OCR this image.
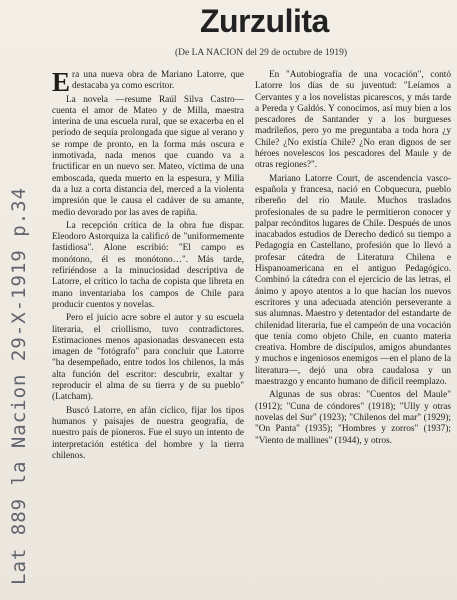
Zurzulita
(De LA NACION del 29 de octubre de 1919)
Lat 889 la Nacion 29-X-1919 p.34

Era una nueva obra de Mariano Latorre, que destacaba ya como escritor.

La novela —resume Raúl Silva Castro— cuenta el amor de Mateo y de Milla, maestra interina de una escuela rural, que se exacerba en el período de sequía prolongada que sigue al verano y se rompe de pronto, en la forma más oscura e inmotivada, nada menos que cuando va a fructificar en un nuevo ser. Mateo, víctima de una emboscada, queda muerto en la espesura, y Milla da a luz a corta distancia del, merced a la violenta impresión que le causa el cadáver de su amante, medio devorado por las aves de rapiña.

La recepción crítica de la obra fue dispar. Eleodoro Astorquiza la calificó de "uniformemente fastidiosa". Alone escribió: "El campo es monótono, él es monótono…". Más tarde, refiriéndose a la minuciosidad descriptiva de Latorre, el crítico lo tacha de copista que libreta en mano inventariaba los campos de Chile para producir cuentos y novelas.

Pero el juicio acre sobre el autor y su escuela literaria, el criollismo, tuvo contradictores. Estimaciones menos apasionadas desvanecen esta imagen de "fotógrafo" para concluir que Latorre "ha desempeñado, entre todos los chilenos, la más alta función del escritor: descubrir, exaltar y reproducir el alma de su tierra y de su pueblo" (Latcham).

Buscó Latorre, en afán cíclico, fijar los tipos humanos y paisajes de nuestra geografía, de nuestro país de pioneros. Fue el suyo un intento de interpretación estética del hombre y la tierra chilenos.

En "Autobiografía de una vocación", contó Latorre los días de su juventud: "Leíamos a Cervantes y a los novelistas picarescos, y más tarde a Pereda y Galdós. Y conocimos, así muy bien a los pescadores de Santander y a los burgueses madrileños, pero yo me preguntaba a toda hora ¿y Chile? ¿No existía Chile? ¿No eran dignos de ser héroes novelescos los pescadores del Maule y de otras regiones?".

Mariano Latorre Court, de ascendencia vasco-española y francesa, nació en Cobquecura, pueblo ribereño del río Maule. Muchos traslados profesionales de su padre le permitieron conocer y palpar recónditos lugares de Chile. Después de unos inacabados estudios de Derecho dedicó su tiempo a Pedagogía en Castellano, profesión que lo llevó a profesar cátedra de Literatura Chilena e Hispanoamericana en el antiguo Pedagógico. Combinó la cátedra con el ejercicio de las letras, el ánimo y apoyo atentos a lo que hacían los nuevos escritores y una adecuada atención perseverante a sus alumnas. Maestro y detentador del estandarte de chilenidad literaria, fue el campeón de una vocación que tenía como objeto Chile, en cuanto materia creativa. Hombre de discípulos, amigos abundantes y muchos e ingeniosos enemigos —en el plano de la literatura—, dejó una obra caudalosa y un maestrazgo y encanto humano de difícil reemplazo.

Algunas de sus obras: "Cuentos del Maule" (1912); "Cuna de cóndores" (1918); "Ully y otras novelas del Sur" (1923); "Chilenos del mar" (1929); "On Panta" (1935); "Hombres y zorros" (1937); "Viento de mallines" (1944), y otros.
